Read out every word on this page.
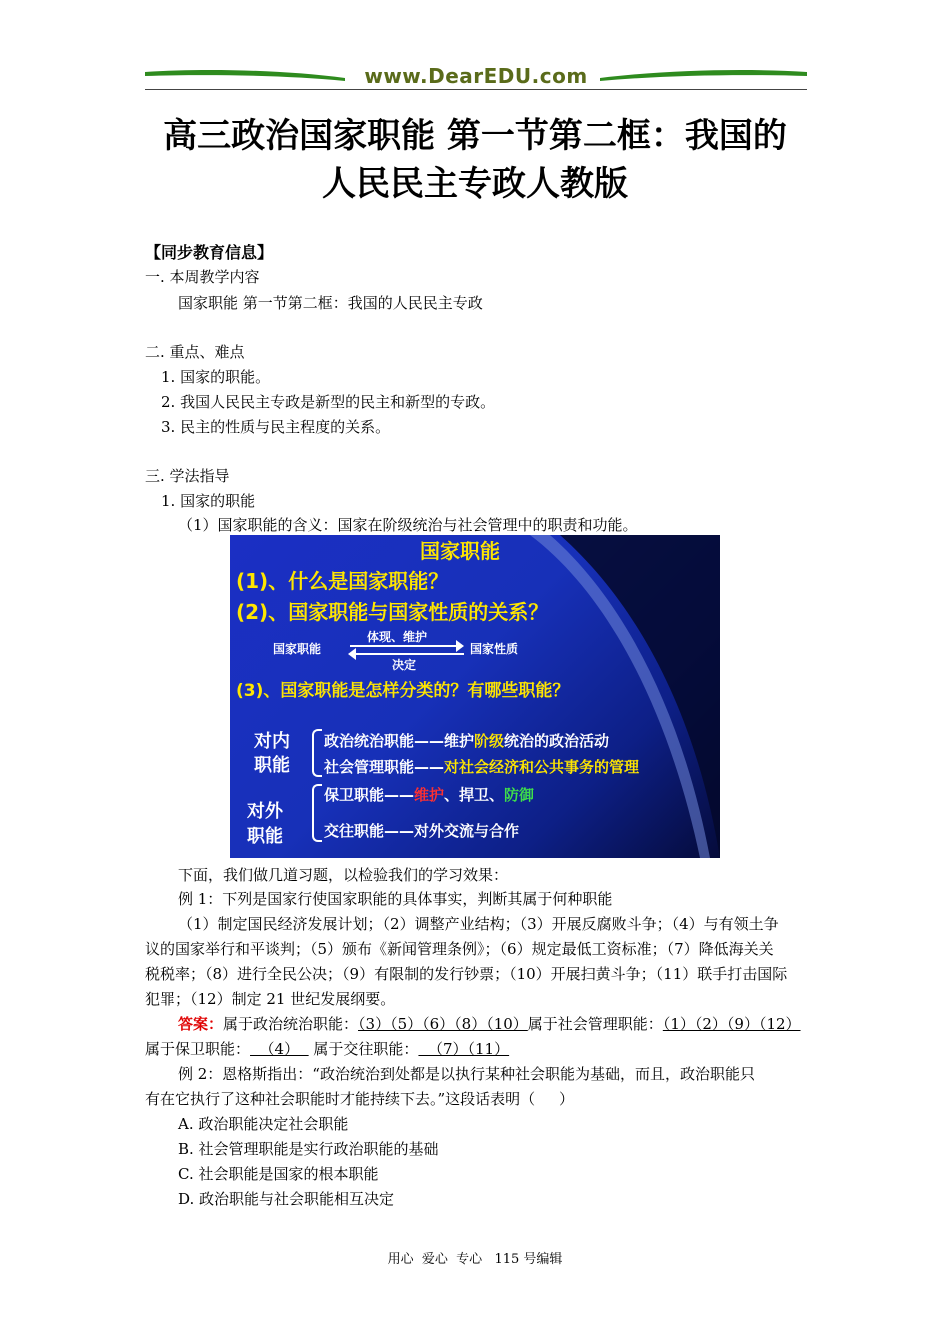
www.DearEDU.com
高三政治国家职能 第一节第二框：我国的
人民民主专政人教版
【同步教育信息】
一. 本周教学内容
国家职能 第一节第二框：我国的人民民主专政
二. 重点、难点
1. 国家的职能。
2. 我国人民民主专政是新型的民主和新型的专政。
3. 民主的性质与民主程度的关系。
三. 学法指导
1. 国家的职能
（1）国家职能的含义：国家在阶级统治与社会管理中的职责和功能。
国家职能
(1)、什么是国家职能？
(2)、国家职能与国家性质的关系？
国家职能
体现、维护
决定
国家性质
(3)、国家职能是怎样分类的？有哪些职能？
对内
职能
政治统治职能——维护阶级统治的政治活动
社会管理职能——对社会经济和公共事务的管理
对外
职能
保卫职能——维护、捍卫、防御
交往职能——对外交流与合作
下面，我们做几道习题，以检验我们的学习效果：
例 1：下列是国家行使国家职能的具体事实，判断其属于何种职能
（1）制定国民经济发展计划；（2）调整产业结构；（3）开展反腐败斗争；（4）与有领土争
议的国家举行和平谈判；（5）颁布《新闻管理条例》；（6）规定最低工资标准；（7）降低海关关
税税率；（8）进行全民公决；（9）有限制的发行钞票；（10）开展扫黄斗争；（11）联手打击国际
犯罪；（12）制定 21 世纪发展纲要。
答案：属于政治统治职能：（3）（5）（6）（8）（10）属于社会管理职能：（1）（2）（9）（12）
属于保卫职能：  （4）   属于交往职能：  （7）（11）
例 2：恩格斯指出：“政治统治到处都是以执行某种社会职能为基础，而且，政治职能只
有在它执行了这种社会职能时才能持续下去。”这段话表明（     ）
A. 政治职能决定社会职能
B. 社会管理职能是实行政治职能的基础
C. 社会职能是国家的根本职能
D. 政治职能与社会职能相互决定
用心  爱心  专心   115 号编辑
